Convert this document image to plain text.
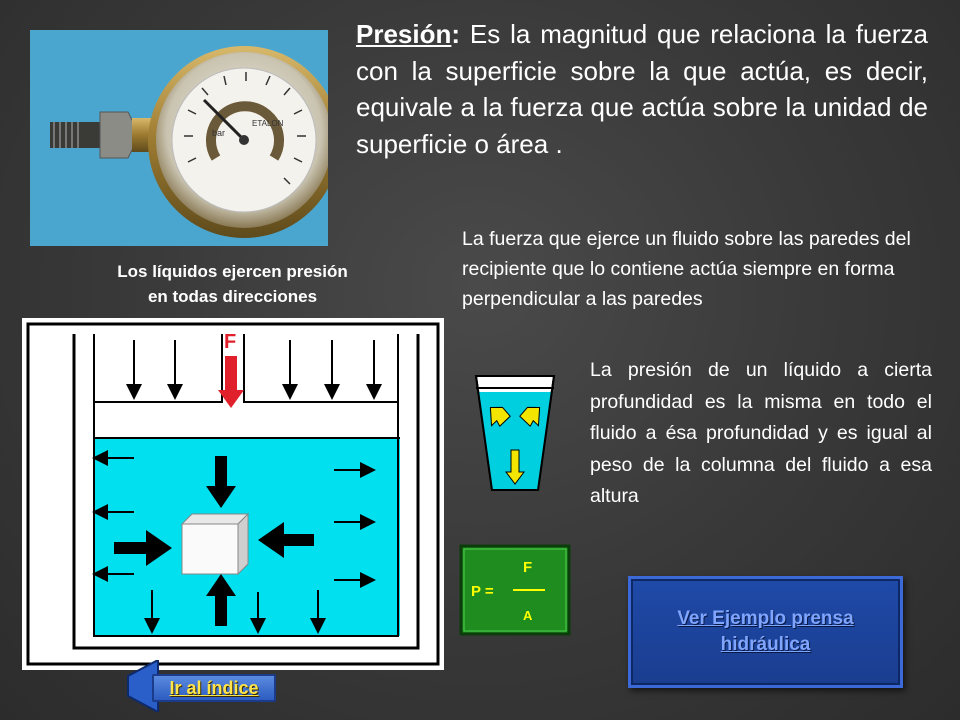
bar
ETALON
Presión: Es la magnitud que relaciona la fuerza con la superficie sobre la que actúa, es decir, equivale a la fuerza que actúa sobre la unidad de superficie o área .
Los líquidos ejercen presión
en todas direcciones
La fuerza que ejerce un fluido sobre las paredes del recipiente que lo contiene actúa siempre en forma perpendicular a las paredes
F
La presión de un líquido a cierta profundidad es la misma en todo el fluido a ésa profundidad y es igual al peso de la columna del fluido a esa altura
P =
F
A	Ver Ejemplo prensa hidráulica
Ir al índice
